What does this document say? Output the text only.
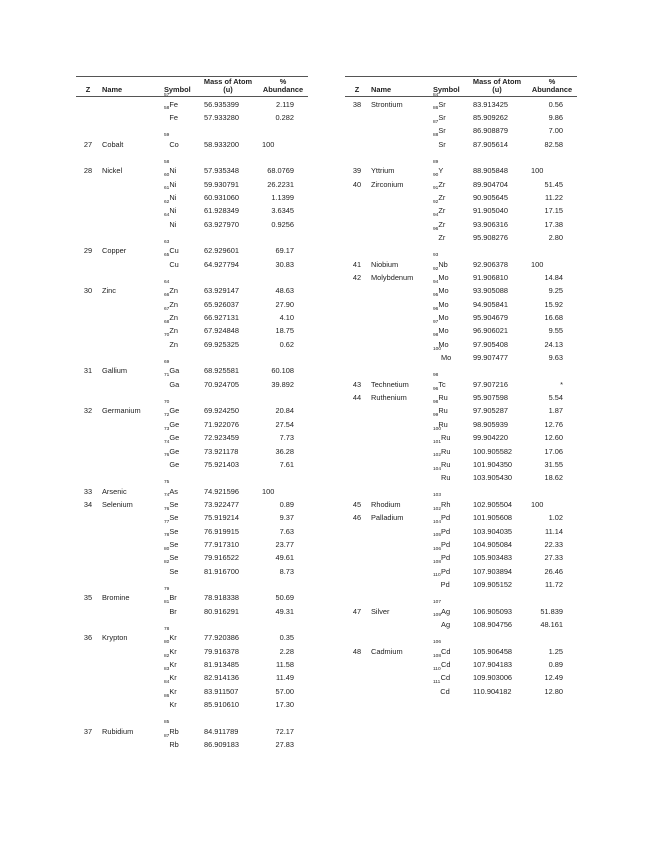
Z	Name	Symbol	Mass of Atom
(u)	%
Abundance
		$^{57}$Fe	56.935399	2.119
		$^{58}$Fe	57.933280	0.282

27	Cobalt	$^{59}$Co	58.933200	100

28	Nickel	$^{58}$Ni	57.935348	68.0769
		$^{60}$Ni	59.930791	26.2231
		$^{61}$Ni	60.931060	1.1399
		$^{62}$Ni	61.928349	3.6345
		$^{64}$Ni	63.927970	0.9256

29	Copper	$^{63}$Cu	62.929601	69.17
		$^{65}$Cu	64.927794	30.83

30	Zinc	$^{64}$Zn	63.929147	48.63
		$^{66}$Zn	65.926037	27.90
		$^{67}$Zn	66.927131	4.10
		$^{68}$Zn	67.924848	18.75
		$^{70}$Zn	69.925325	0.62

31	Gallium	$^{69}$Ga	68.925581	60.108
		$^{71}$Ga	70.924705	39.892

32	Germanium	$^{70}$Ge	69.924250	20.84
		$^{72}$Ge	71.922076	27.54
		$^{73}$Ge	72.923459	7.73
		$^{74}$Ge	73.921178	36.28
		$^{76}$Ge	75.921403	7.61

33	Arsenic	$^{75}$As	74.921596	100
34	Selenium	$^{74}$Se	73.922477	0.89
		$^{76}$Se	75.919214	9.37
		$^{77}$Se	76.919915	7.63
		$^{78}$Se	77.917310	23.77
		$^{80}$Se	79.916522	49.61
		$^{82}$Se	81.916700	8.73

35	Bromine	$^{79}$Br	78.918338	50.69
		$^{81}$Br	80.916291	49.31

36	Krypton	$^{78}$Kr	77.920386	0.35
		$^{80}$Kr	79.916378	2.28
		$^{82}$Kr	81.913485	11.58
		$^{83}$Kr	82.914136	11.49
		$^{84}$Kr	83.911507	57.00
		$^{86}$Kr	85.910610	17.30

37	Rubidium	$^{85}$Rb	84.911789	72.17
		$^{87}$Rb	86.909183	27.83
Z	Name	Symbol	Mass of Atom
(u)	%
Abundance
38	Strontium	$^{84}$Sr	83.913425	0.56
		$^{86}$Sr	85.909262	9.86
		$^{87}$Sr	86.908879	7.00
		$^{88}$Sr	87.905614	82.58

39	Yttrium	$^{89}$Y	88.905848	100
40	Zirconium	$^{90}$Zr	89.904704	51.45
		$^{91}$Zr	90.905645	11.22
		$^{92}$Zr	91.905040	17.15
		$^{94}$Zr	93.906316	17.38
		$^{96}$Zr	95.908276	2.80

41	Niobium	$^{93}$Nb	92.906378	100
42	Molybdenum	$^{92}$Mo	91.906810	14.84
		$^{94}$Mo	93.905088	9.25
		$^{95}$Mo	94.905841	15.92
		$^{96}$Mo	95.904679	16.68
		$^{97}$Mo	96.906021	9.55
		$^{98}$Mo	97.905408	24.13
		$^{100}$Mo	99.907477	9.63

43	Technetium	$^{98}$Tc	97.907216	*
44	Ruthenium	$^{96}$Ru	95.907598	5.54
		$^{98}$Ru	97.905287	1.87
		$^{99}$Ru	98.905939	12.76
		$^{100}$Ru	99.904220	12.60
		$^{101}$Ru	100.905582	17.06
		$^{102}$Ru	101.904350	31.55
		$^{104}$Ru	103.905430	18.62

45	Rhodium	$^{103}$Rh	102.905504	100
46	Palladium	$^{102}$Pd	101.905608	1.02
		$^{104}$Pd	103.904035	11.14
		$^{105}$Pd	104.905084	22.33
		$^{106}$Pd	105.903483	27.33
		$^{108}$Pd	107.903894	26.46
		$^{110}$Pd	109.905152	11.72

47	Silver	$^{107}$Ag	106.905093	51.839
		$^{109}$Ag	108.904756	48.161

48	Cadmium	$^{106}$Cd	105.906458	1.25
		$^{108}$Cd	107.904183	0.89
		$^{110}$Cd	109.903006	12.49
		$^{111}$Cd	110.904182	12.80
